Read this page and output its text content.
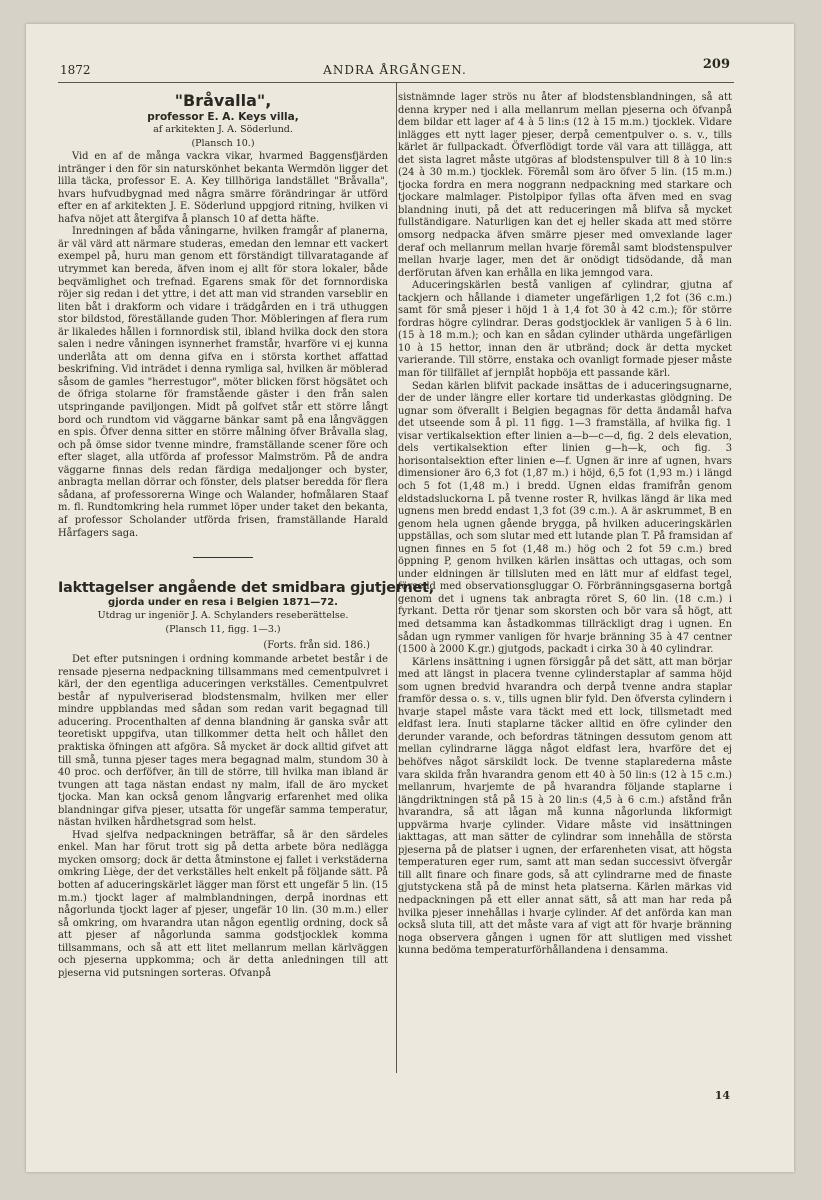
1872	ANDRA ÅRGÅNGEN.	209
"Bråvalla",
professor E. A. Keys villa,
af arkitekten J. A. Söderlund.
(Plansch 10.)

Vid en af de många vackra vikar, hvarmed Baggensfjärden intränger i den för sin naturskönhet bekanta Wermdön ligger det lilla täcka, professor E. A. Key tillhöriga landstället "Bråvalla", hvars hufvudbygnad med några smärre förändringar är utförd efter en af arkitekten J. E. Söderlund uppgjord ritning, hvilken vi hafva nöjet att återgifva å plansch 10 af detta häfte.

Inredningen af båda våningarne, hvilken framgår af planerna, är väl värd att närmare studeras, emedan den lemnar ett vackert exempel på, huru man genom ett förständigt tillvaratagande af utrymmet kan bereda, äfven inom ej allt för stora lokaler, både beqvämlighet och trefnad. Egarens smak för det fornnordiska röjer sig redan i det yttre, i det att man vid stranden varseblir en liten båt i drakform och vidare i trädgården en i trä uthuggen stor bildstod, föreställande guden Thor. Möbleringen af flera rum är likaledes hållen i fornnordisk stil, ibland hvilka dock den stora salen i nedre våningen isynnerhet framstår, hvarföre vi ej kunna underlåta att om denna gifva en i största korthet affattad beskrifning. Vid inträdet i denna rymliga sal, hvilken är möblerad såsom de gamles "herrestugor", möter blicken först högsätet och de öfriga stolarne för framstående gäster i den från salen utspringande paviljongen. Midt på golfvet står ett större långt bord och rundtom vid väggarne bänkar samt på ena långväggen en spis. Öfver denna sitter en större målning öfver Bråvalla slag, och på ömse sidor tvenne mindre, framställande scener före och efter slaget, alla utförda af professor Malmström. På de andra väggarne finnas dels redan färdiga medaljonger och byster, anbragta mellan dörrar och fönster, dels platser beredda för flera sådana, af professorerna Winge och Walander, hofmålaren Staaf m. fl. Rundtomkring hela rummet löper under taket den bekanta, af professor Scholander utförda frisen, framställande Harald Hårfagers saga.

Iakttagelser angående det smidbara gjutjernet,
gjorda under en resa i Belgien 1871—72.
Utdrag ur ingeniör J. A. Schylanders reseberättelse.
(Plansch 11, figg. 1—3.)
(Forts. från sid. 186.)

Det efter putsningen i ordning kommande arbetet består i de rensade pjeserna nedpackning tillsammans med cementpulvret i kärl, der den egentliga aduceringen verkställes. Cementpulvret består af nypulveriserad blodstensmalm, hvilken mer eller mindre uppblandas med sådan som redan varit begagnad till aducering. Procenthalten af denna blandning är ganska svår att teoretiskt uppgifva, utan tillkommer detta helt och hållet den praktiska öfningen att afgöra. Så mycket är dock alltid gifvet att till små, tunna pjeser tages mera begagnad malm, stundom 30 à 40 proc. och derföfver, än till de större, till hvilka man ibland är tvungen att taga nästan endast ny malm, ifall de äro mycket tjocka. Man kan också genom långvarig erfarenhet med olika blandningar gifva pjeser, utsatta för ungefär samma temperatur, nästan hvilken hårdhetsgrad som helst.

Hvad sjelfva nedpackningen beträffar, så är den särdeles enkel. Man har förut trott sig på detta arbete böra nedlägga mycken omsorg; dock är detta åtminstone ej fallet i verkstäderna omkring Liège, der det verkställes helt enkelt på följande sätt. På botten af aduceringskärlet lägger man först ett ungefär 5 lin. (15 m.m.) tjockt lager af malmblandningen, derpå inordnas ett någorlunda tjockt lager af pjeser, ungefär 10 lin. (30 m.m.) eller så omkring, om hvarandra utan någon egentlig ordning, dock så att pjeser af någorlunda samma godstjocklek komma tillsammans, och så att ett litet mellanrum mellan kärlväggen och pjeserna uppkomma; och är detta anledningen till att pjeserna vid putsningen sorteras. Ofvanpå

sistnämnde lager strös nu åter af blodstensblandningen, så att denna kryper ned i alla mellanrum mellan pjeserna och öfvanpå dem bildar ett lager af 4 à 5 lin:s (12 à 15 m.m.) tjocklek. Vidare inlägges ett nytt lager pjeser, derpå cementpulver o. s. v., tills kärlet är fullpackadt. Öfverflödigt torde väl vara att tillägga, att det sista lagret måste utgöras af blodstenspulver till 8 à 10 lin:s (24 à 30 m.m.) tjocklek. Föremål som äro öfver 5 lin. (15 m.m.) tjocka fordra en mera noggrann nedpackning med starkare och tjockare malmlager. Pistolpipor fyllas ofta äfven med en svag blandning inuti, på det att reduceringen må blifva så mycket fullständigare. Naturligen kan det ej heller skada att med större omsorg nedpacka äfven smärre pjeser med omvexlande lager deraf och mellanrum mellan hvarje föremål samt blodstenspulver mellan hvarje lager, men det är onödigt tidsödande, då man derförutan äfven kan erhålla en lika jemngod vara.

Aduceringskärlen bestå vanligen af cylindrar, gjutna af tackjern och hållande i diameter ungefärligen 1,2 fot (36 c.m.) samt för små pjeser i höjd 1 à 1,4 fot 30 à 42 c.m.); för större fordras högre cylindrar. Deras godstjocklek är vanligen 5 à 6 lin. (15 à 18 m.m.); och kan en sådan cylinder uthärda ungefärligen 10 à 15 hettor, innan den är utbränd; dock är detta mycket varierande. Till större, enstaka och ovanligt formade pjeser måste man för tillfället af jernplåt hopböja ett passande kärl.

Sedan kärlen blifvit packade insättas de i aduceringsugnarne, der de under längre eller kortare tid underkastas glödgning. De ugnar som öfverallt i Belgien begagnas för detta ändamål hafva det utseende som å pl. 11 figg. 1—3 framställa, af hvilka fig. 1 visar vertikalsektion efter linien a—b—c—d, fig. 2 dels elevation, dels vertikalsektion efter linien g—h—k, och fig. 3 horisontalsektion efter linien e—f. Ugnen är inre af ugnen, hvars dimensioner äro 6,3 fot (1,87 m.) i höjd, 6,5 fot (1,93 m.) i längd och 5 fot (1,48 m.) i bredd. Ugnen eldas framifrån genom eldstadsluckorna L på tvenne roster R, hvilkas längd är lika med ugnens men bredd endast 1,3 fot (39 c.m.). A är askrummet, B en genom hela ugnen gående brygga, på hvilken aduceringskärlen uppställas, och som slutar med ett lutande plan T. På framsidan af ugnen finnes en 5 fot (1,48 m.) hög och 2 fot 59 c.m.) bred öppning P, genom hvilken kärlen insättas och uttagas, och som under eldningen är tillsluten med en lätt mur af eldfast tegel, försedd med observationsgluggar O. Förbränningsgaserna bortgå genom det i ugnens tak anbragta röret S, 60 lin. (18 c.m.) i fyrkant. Detta rör tjenar som skorsten och bör vara så högt, att med detsamma kan åstadkommas tillräckligt drag i ugnen. En sådan ugn rymmer vanligen för hvarje bränning 35 à 47 centner (1500 à 2000 K.gr.) gjutgods, packadt i cirka 30 à 40 cylindrar.

Kärlens insättning i ugnen försiggår på det sätt, att man börjar med att längst in placera tvenne cylinderstaplar af samma höjd som ugnen bredvid hvarandra och derpå tvenne andra staplar framför dessa o. s. v., tills ugnen blir fyld. Den öfversta cylindern i hvarje stapel måste vara täckt med ett lock, tillsmetadt med eldfast lera. Inuti staplarne täcker alltid en öfre cylinder den derunder varande, och befordras tätningen dessutom genom att mellan cylindrarne lägga något eldfast lera, hvarföre det ej behöfves något särskildt lock. De tvenne staplarederna måste vara skilda från hvarandra genom ett 40 à 50 lin:s (12 à 15 c.m.) mellanrum, hvarjemte de på hvarandra följande staplarne i längdriktningen stå på 15 à 20 lin:s (4,5 à 6 c.m.) afstånd från hvarandra, så att lågan må kunna någorlunda likformigt uppvärma hvarje cylinder. Vidare måste vid insättningen iakttagas, att man sätter de cylindrar som innehålla de största pjeserna på de platser i ugnen, der erfarenheten visat, att högsta temperaturen eger rum, samt att man sedan successivt öfvergår till allt finare och finare gods, så att cylindrarne med de finaste gjutstyckena stå på de minst heta platserna. Kärlen märkas vid nedpackningen på ett eller annat sätt, så att man har reda på hvilka pjeser innehållas i hvarje cylinder. Af det anförda kan man också sluta till, att det måste vara af vigt att för hvarje bränning noga observera gången i ugnen för att slutligen med visshet kunna bedöma temperaturförhållandena i densamma.

14
